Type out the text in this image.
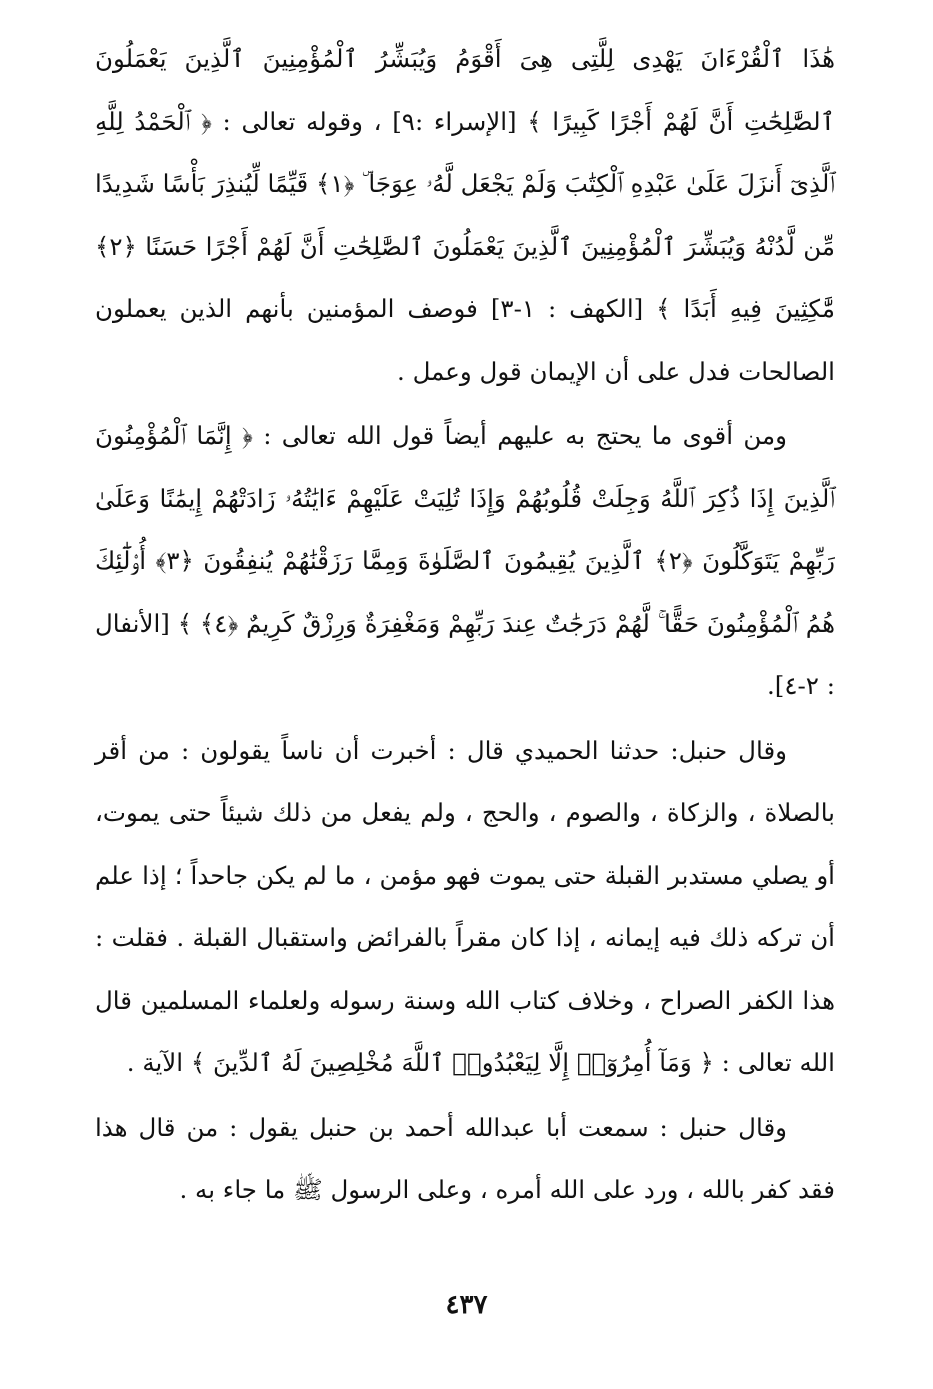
هَٰذَا ٱلْقُرْءَانَ يَهْدِى لِلَّتِى هِىَ أَقْوَمُ وَيُبَشِّرُ ٱلْمُؤْمِنِينَ ٱلَّذِينَ يَعْمَلُونَ ٱلصَّٰلِحَٰتِ أَنَّ لَهُمْ أَجْرًا كَبِيرًا ﴾ [الإسراء :٩] ، وقوله تعالى : ﴿ ٱلْحَمْدُ لِلَّهِ ٱلَّذِىٓ أَنزَلَ عَلَىٰ عَبْدِهِ ٱلْكِتَٰبَ وَلَمْ يَجْعَل لَّهُۥ عِوَجَا ۜ ﴿١﴾ قَيِّمًا لِّيُنذِرَ بَأْسًا شَدِيدًا مِّن لَّدُنْهُ وَيُبَشِّرَ ٱلْمُؤْمِنِينَ ٱلَّذِينَ يَعْمَلُونَ ٱلصَّٰلِحَٰتِ أَنَّ لَهُمْ أَجْرًا حَسَنًا ﴿٢﴾ مَّٰكِثِينَ فِيهِ أَبَدًا ﴾ [الكهف : ١-٣] فوصف المؤمنين بأنهم الذين يعملون الصالحات فدل على أن الإيمان قول وعمل .

ومن أقوى ما يحتج به عليهم أيضاً قول الله تعالى : ﴿ إِنَّمَا ٱلْمُؤْمِنُونَ ٱلَّذِينَ إِذَا ذُكِرَ ٱللَّهُ وَجِلَتْ قُلُوبُهُمْ وَإِذَا تُلِيَتْ عَلَيْهِمْ ءَايَٰتُهُۥ زَادَتْهُمْ إِيمَٰنًا وَعَلَىٰ رَبِّهِمْ يَتَوَكَّلُونَ ﴿٢﴾ ٱلَّذِينَ يُقِيمُونَ ٱلصَّلَوٰةَ وَمِمَّا رَزَقْنَٰهُمْ يُنفِقُونَ ﴿٣﴾ أُو۟لَٰٓئِكَ هُمُ ٱلْمُؤْمِنُونَ حَقًّا ۚ لَّهُمْ دَرَجَٰتٌ عِندَ رَبِّهِمْ وَمَغْفِرَةٌ وَرِزْقٌ كَرِيمٌ ﴿٤﴾ ﴾ [الأنفال : ٢-٤].

وقال حنبل: حدثنا الحميدي قال : أخبرت أن ناساً يقولون : من أقر بالصلاة ، والزكاة ، والصوم ، والحج ، ولم يفعل من ذلك شيئاً حتى يموت، أو يصلي مستدبر القبلة حتى يموت فهو مؤمن ، ما لم يكن جاحداً ؛ إذا علم أن تركه ذلك فيه إيمانه ، إذا كان مقراً بالفرائض واستقبال القبلة . فقلت : هذا الكفر الصراح ، وخلاف كتاب الله وسنة رسوله ولعلماء المسلمين قال الله تعالى : ﴿ وَمَآ أُمِرُوٓا۟ إِلَّا لِيَعْبُدُوا۟ ٱللَّهَ مُخْلِصِينَ لَهُ ٱلدِّينَ ﴾ الآية .

وقال حنبل : سمعت أبا عبدالله أحمد بن حنبل يقول : من قال هذا فقد كفر بالله ، ورد على الله أمره ، وعلى الرسول ﷺ ما جاء به .

٤٣٧
